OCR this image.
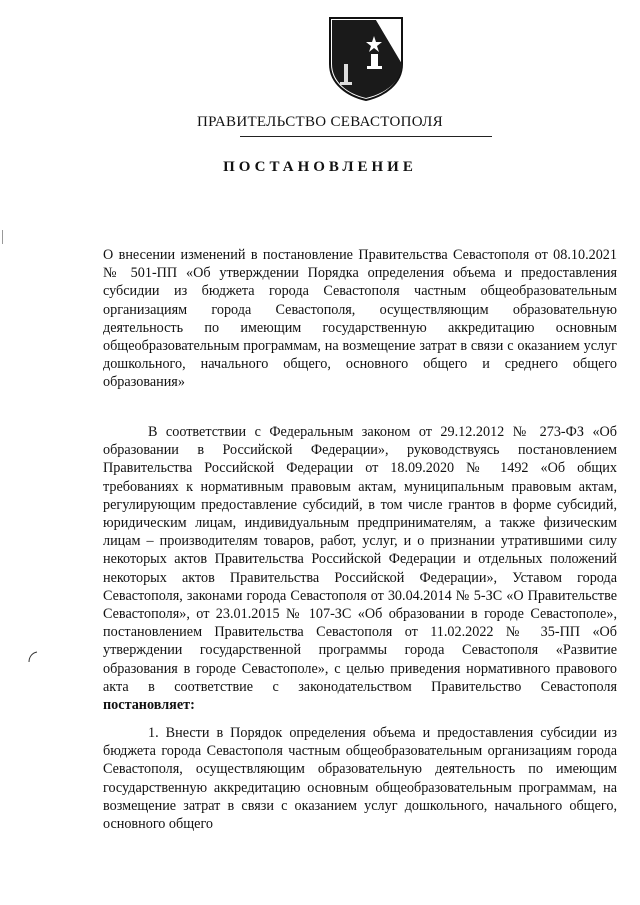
ПРАВИТЕЛЬСТВО СЕВАСТОПОЛЯ
ПОСТАНОВЛЕНИЕ
О внесении изменений в постановление Правительства Севастополя от 08.10.2021 № 501-ПП «Об утверждении Порядка определения объема и предоставления субсидии из бюджета города Севастополя частным общеобразовательным организациям города Севастополя, осуществляющим образовательную деятельность по имеющим государственную аккредитацию основным общеобразовательным программам, на возмещение затрат в связи с оказанием услуг дошкольного, начального общего, основного общего и среднего общего образования»
В соответствии с Федеральным законом от 29.12.2012 № 273-ФЗ «Об образовании в Российской Федерации», руководствуясь постановлением Правительства Российской Федерации от 18.09.2020 № 1492 «Об общих требованиях к нормативным правовым актам, муниципальным правовым актам, регулирующим предоставление субсидий, в том числе грантов в форме субсидий, юридическим лицам, индивидуальным предпринимателям, а также физическим лицам – производителям товаров, работ, услуг, и о признании утратившими силу некоторых актов Правительства Российской Федерации и отдельных положений некоторых актов Правительства Российской Федерации», Уставом города Севастополя, законами города Севастополя от 30.04.2014 № 5-ЗС «О Правительстве Севастополя», от 23.01.2015 № 107-ЗС «Об образовании в городе Севастополе», постановлением Правительства Севастополя от 11.02.2022 № 35-ПП «Об утверждении государственной программы города Севастополя «Развитие образования в городе Севастополе», с целью приведения нормативного правового акта в соответствие с законодательством Правительство Севастополя постановляет:
1. Внести в Порядок определения объема и предоставления субсидии из бюджета города Севастополя частным общеобразовательным организациям города Севастополя, осуществляющим образовательную деятельность по имеющим государственную аккредитацию основным общеобразовательным программам, на возмещение затрат в связи с оказанием услуг дошкольного, начального общего, основного общего
